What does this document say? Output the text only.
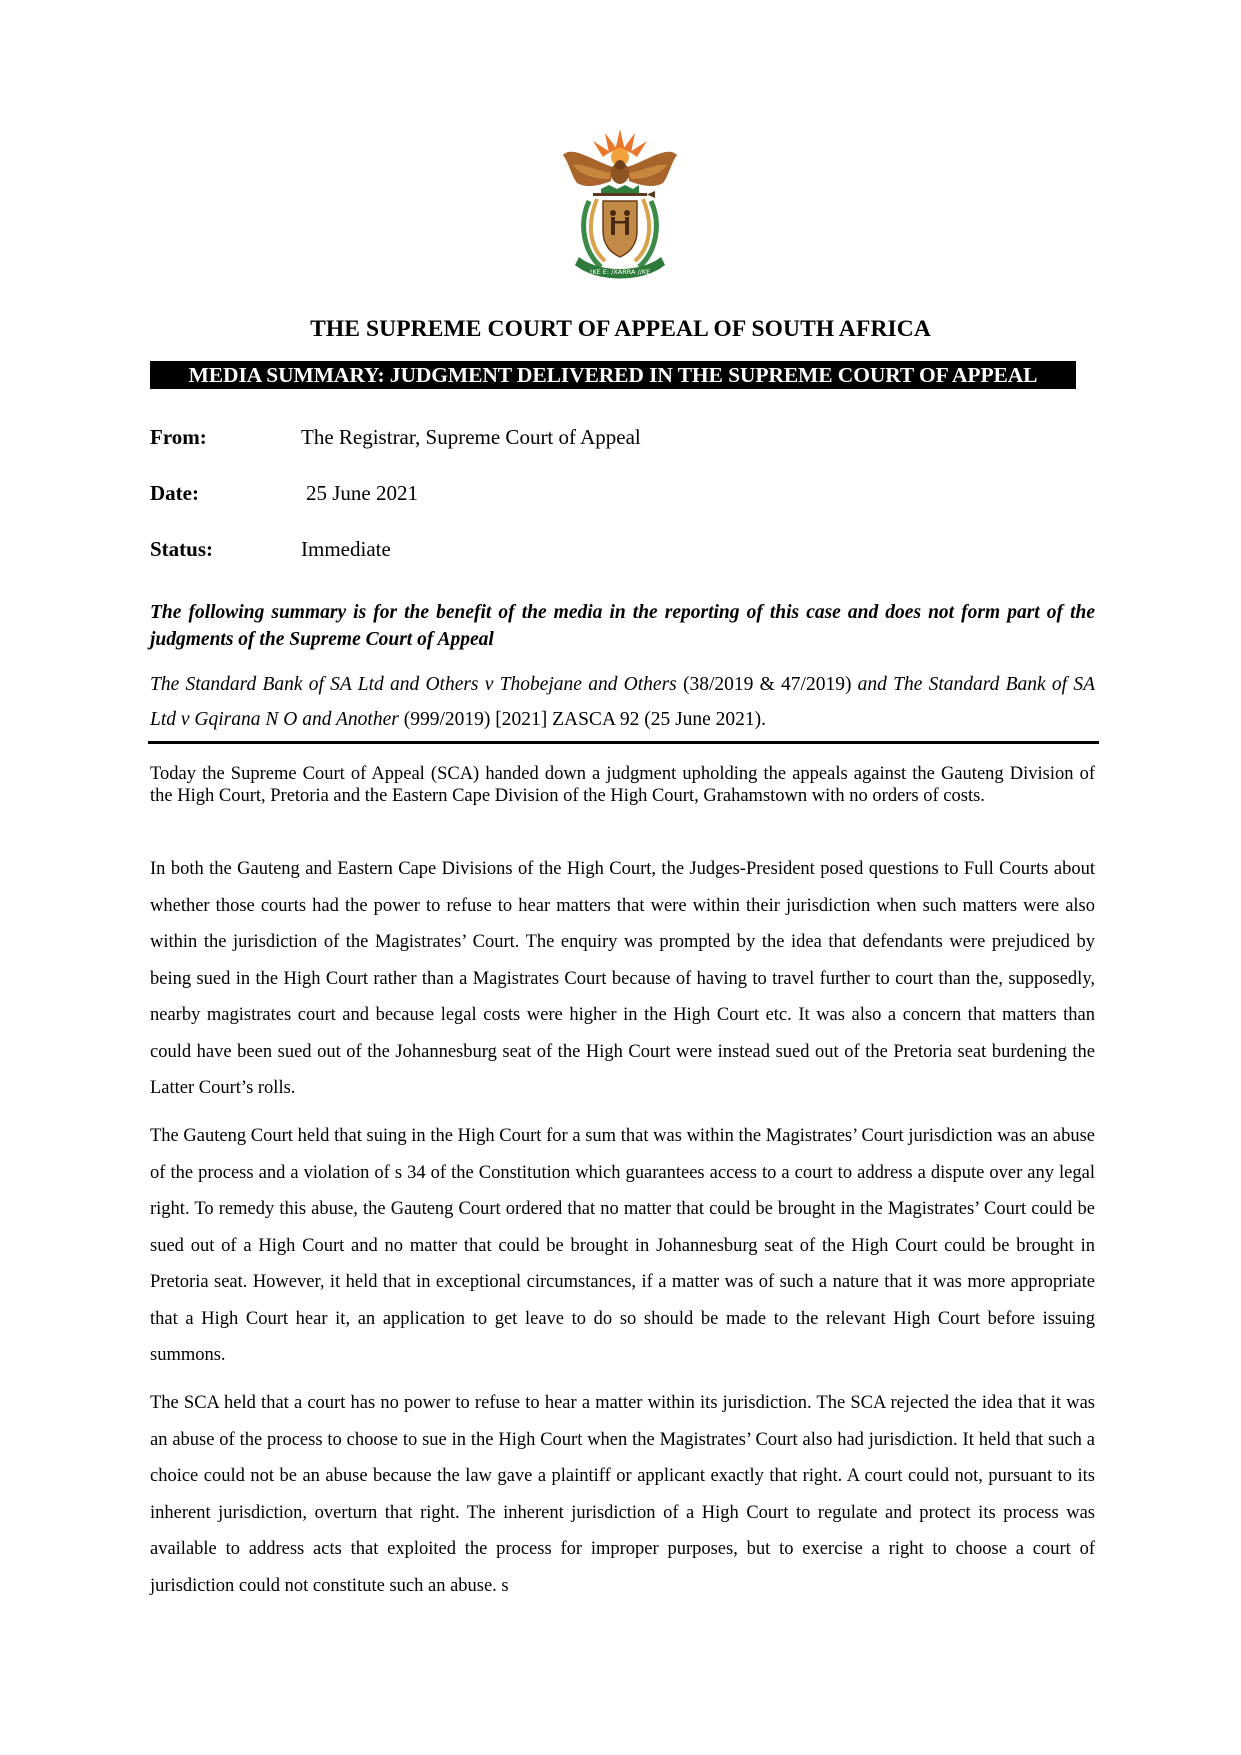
!KE E: /XARRA //KE
THE SUPREME COURT OF APPEAL OF SOUTH AFRICA
MEDIA SUMMARY: JUDGMENT DELIVERED IN THE SUPREME COURT OF APPEAL
From:	The Registrar, Supreme Court of Appeal
Date:	25 June 2021
Status:	Immediate
The following summary is for the benefit of the media in the reporting of this case and does not form part of the judgments of the Supreme Court of Appeal
The Standard Bank of SA Ltd and Others v Thobejane and Others (38/2019 & 47/2019) and The Standard Bank of SA Ltd v Gqirana N O and Another (999/2019) [2021] ZASCA 92 (25 June 2021).

Today the Supreme Court of Appeal (SCA) handed down a judgment upholding the appeals against the Gauteng Division of the High Court, Pretoria and the Eastern Cape Division of the High Court, Grahamstown with no orders of costs.

In both the Gauteng and Eastern Cape Divisions of the High Court, the Judges-President posed questions to Full Courts about whether those courts had the power to refuse to hear matters that were within their jurisdiction when such matters were also within the jurisdiction of the Magistrates’ Court. The enquiry was prompted by the idea that defendants were prejudiced by being sued in the High Court rather than a Magistrates Court because of having to travel further to court than the, supposedly, nearby magistrates court and because legal costs were higher in the High Court etc. It was also a concern that matters than could have been sued out of the Johannesburg seat of the High Court were instead sued out of the Pretoria seat burdening the Latter Court’s rolls.

The Gauteng Court held that suing in the High Court for a sum that was within the Magistrates’ Court jurisdiction was an abuse of the process and a violation of s 34 of the Constitution which guarantees access to a court to address a dispute over any legal right. To remedy this abuse, the Gauteng Court ordered that no matter that could be brought in the Magistrates’ Court could be sued out of a High Court and no matter that could be brought in Johannesburg seat of the High Court could be brought in Pretoria seat. However, it held that in exceptional circumstances, if a matter was of such a nature that it was more appropriate that a High Court hear it, an application to get leave to do so should be made to the relevant High Court before issuing summons.

The SCA held that a court has no power to refuse to hear a matter within its jurisdiction. The SCA rejected the idea that it was an abuse of the process to choose to sue in the High Court when the Magistrates’ Court also had jurisdiction. It held that such a choice could not be an abuse because the law gave a plaintiff or applicant exactly that right. A court could not, pursuant to its inherent jurisdiction, overturn that right. The inherent jurisdiction of a High Court to regulate and protect its process was available to address acts that exploited the process for improper purposes, but to exercise a right to choose a court of jurisdiction could not constitute such an abuse. s
